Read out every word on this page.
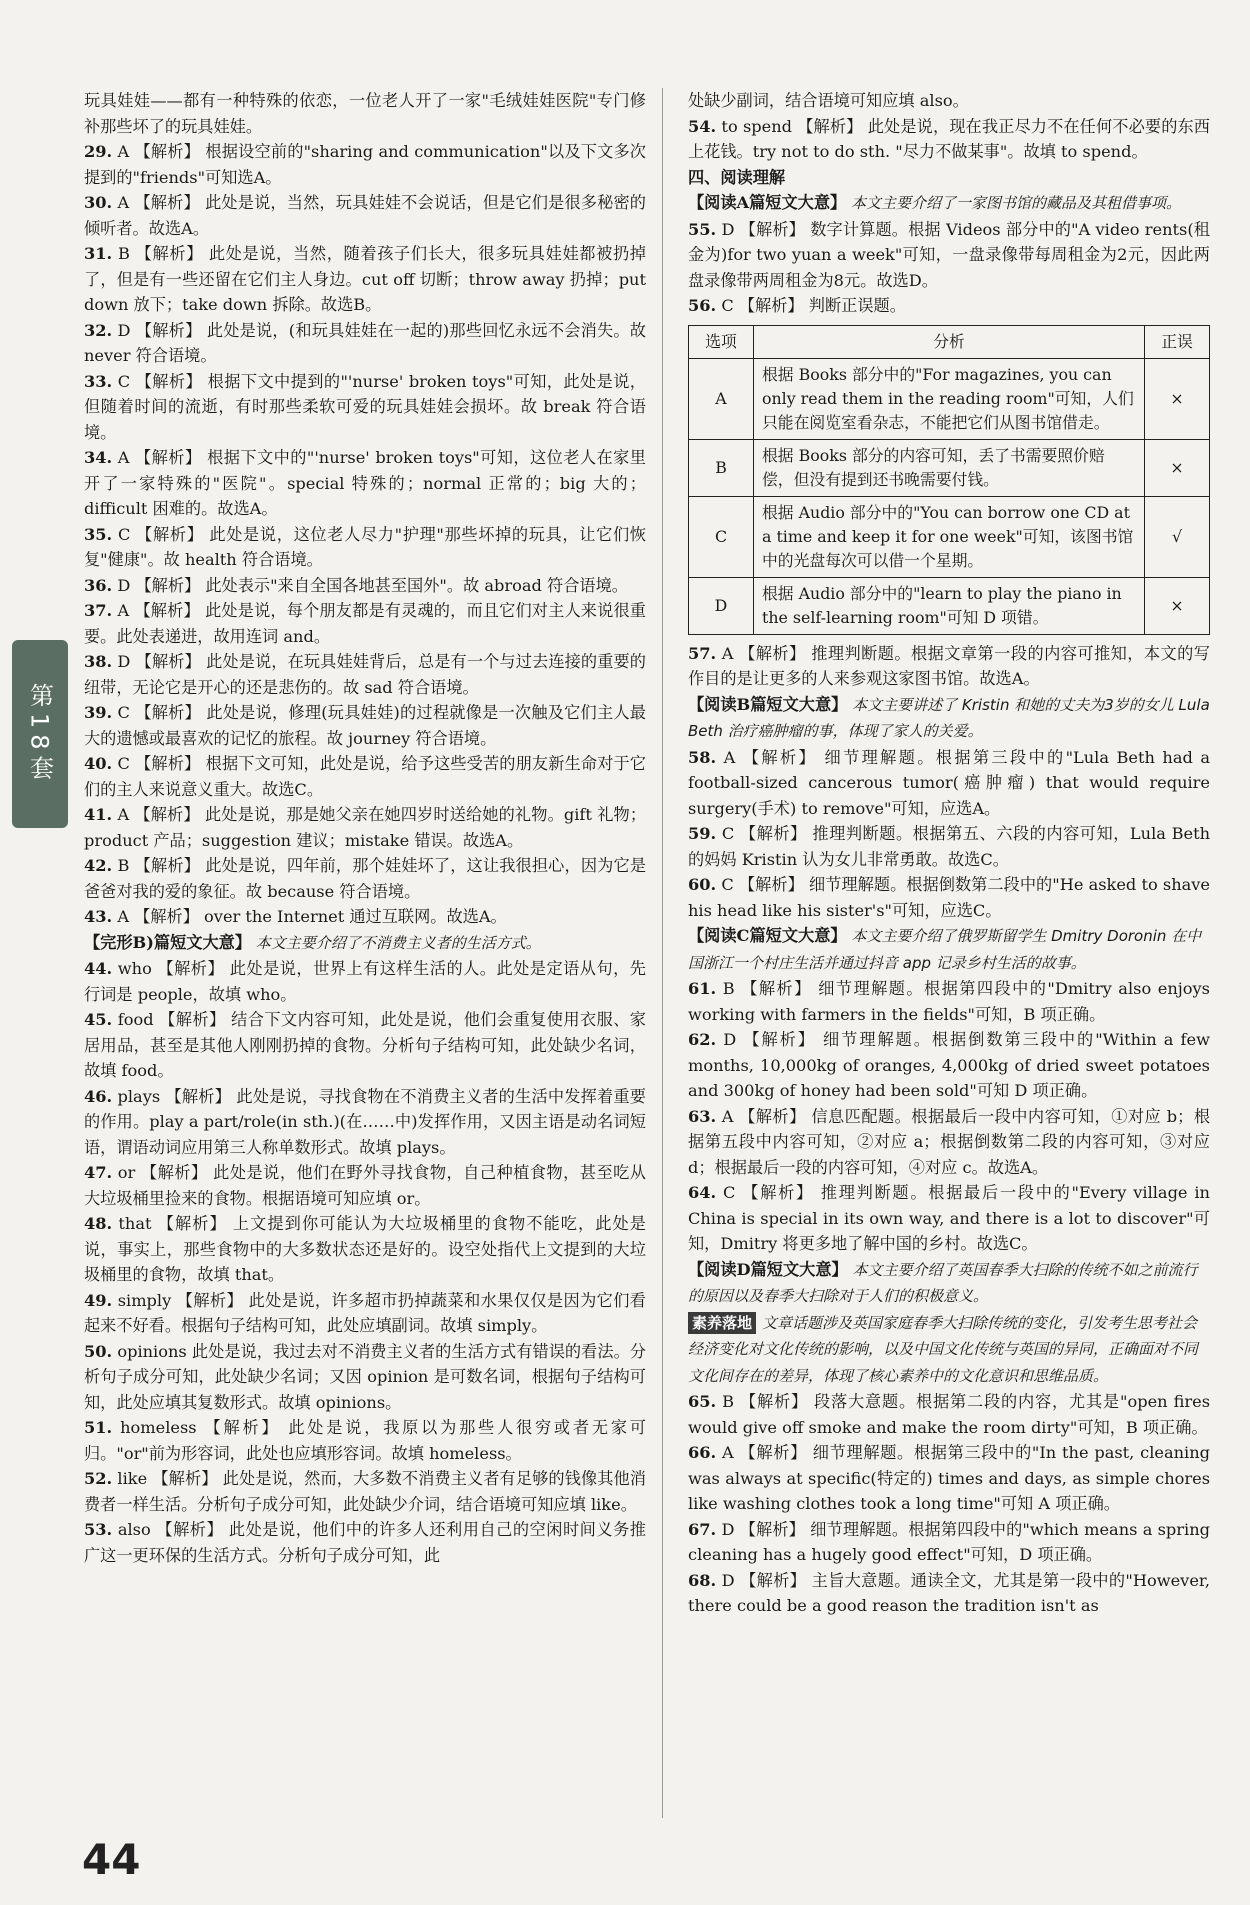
第18套

玩具娃娃——都有一种特殊的依恋，一位老人开了一家"毛绒娃娃医院"专门修补那些坏了的玩具娃娃。

29. A 【解析】 根据设空前的"sharing and communication"以及下文多次提到的"friends"可知选A。

30. A 【解析】 此处是说，当然，玩具娃娃不会说话，但是它们是很多秘密的倾听者。故选A。

31. B 【解析】 此处是说，当然，随着孩子们长大，很多玩具娃娃都被扔掉了，但是有一些还留在它们主人身边。cut off 切断；throw away 扔掉；put down 放下；take down 拆除。故选B。

32. D 【解析】 此处是说，(和玩具娃娃在一起的)那些回忆永远不会消失。故 never 符合语境。

33. C 【解析】 根据下文中提到的"'nurse' broken toys"可知，此处是说，但随着时间的流逝，有时那些柔软可爱的玩具娃娃会损坏。故 break 符合语境。

34. A 【解析】 根据下文中的"'nurse' broken toys"可知，这位老人在家里开了一家特殊的"医院"。special 特殊的；normal 正常的；big 大的；difficult 困难的。故选A。

35. C 【解析】 此处是说，这位老人尽力"护理"那些坏掉的玩具，让它们恢复"健康"。故 health 符合语境。

36. D 【解析】 此处表示"来自全国各地甚至国外"。故 abroad 符合语境。

37. A 【解析】 此处是说，每个朋友都是有灵魂的，而且它们对主人来说很重要。此处表递进，故用连词 and。

38. D 【解析】 此处是说，在玩具娃娃背后，总是有一个与过去连接的重要的纽带，无论它是开心的还是悲伤的。故 sad 符合语境。

39. C 【解析】 此处是说，修理(玩具娃娃)的过程就像是一次触及它们主人最大的遗憾或最喜欢的记忆的旅程。故 journey 符合语境。

40. C 【解析】 根据下文可知，此处是说，给予这些受苦的朋友新生命对于它们的主人来说意义重大。故选C。

41. A 【解析】 此处是说，那是她父亲在她四岁时送给她的礼物。gift 礼物；product 产品；suggestion 建议；mistake 错误。故选A。

42. B 【解析】 此处是说，四年前，那个娃娃坏了，这让我很担心，因为它是爸爸对我的爱的象征。故 because 符合语境。

43. A 【解析】 over the Internet 通过互联网。故选A。

【完形B)篇短文大意】 本文主要介绍了不消费主义者的生活方式。

44. who 【解析】 此处是说，世界上有这样生活的人。此处是定语从句，先行词是 people，故填 who。

45. food 【解析】 结合下文内容可知，此处是说，他们会重复使用衣服、家居用品，甚至是其他人刚刚扔掉的食物。分析句子结构可知，此处缺少名词，故填 food。

46. plays 【解析】 此处是说，寻找食物在不消费主义者的生活中发挥着重要的作用。play a part/role(in sth.)(在……中)发挥作用，又因主语是动名词短语，谓语动词应用第三人称单数形式。故填 plays。

47. or 【解析】 此处是说，他们在野外寻找食物，自己种植食物，甚至吃从大垃圾桶里捡来的食物。根据语境可知应填 or。

48. that 【解析】 上文提到你可能认为大垃圾桶里的食物不能吃，此处是说，事实上，那些食物中的大多数状态还是好的。设空处指代上文提到的大垃圾桶里的食物，故填 that。

49. simply 【解析】 此处是说，许多超市扔掉蔬菜和水果仅仅是因为它们看起来不好看。根据句子结构可知，此处应填副词。故填 simply。

50. opinions 此处是说，我过去对不消费主义者的生活方式有错误的看法。分析句子成分可知，此处缺少名词；又因 opinion 是可数名词，根据句子结构可知，此处应填其复数形式。故填 opinions。

51. homeless 【解析】 此处是说，我原以为那些人很穷或者无家可归。"or"前为形容词，此处也应填形容词。故填 homeless。

52. like 【解析】 此处是说，然而，大多数不消费主义者有足够的钱像其他消费者一样生活。分析句子成分可知，此处缺少介词，结合语境可知应填 like。

53. also 【解析】 此处是说，他们中的许多人还利用自己的空闲时间义务推广这一更环保的生活方式。分析句子成分可知，此

处缺少副词，结合语境可知应填 also。

54. to spend 【解析】 此处是说，现在我正尽力不在任何不必要的东西上花钱。try not to do sth. "尽力不做某事"。故填 to spend。

四、阅读理解

【阅读A篇短文大意】 本文主要介绍了一家图书馆的藏品及其租借事项。

55. D 【解析】 数字计算题。根据 Videos 部分中的"A video rents(租金为)for two yuan a week"可知，一盘录像带每周租金为2元，因此两盘录像带两周租金为8元。故选D。

56. C 【解析】 判断正误题。

选项	分析	正误
A	根据 Books 部分中的"For magazines, you can only read them in the reading room"可知，人们只能在阅览室看杂志，不能把它们从图书馆借走。	×
B	根据 Books 部分的内容可知，丢了书需要照价赔偿，但没有提到还书晚需要付钱。	×
C	根据 Audio 部分中的"You can borrow one CD at a time and keep it for one week"可知，该图书馆中的光盘每次可以借一个星期。	√
D	根据 Audio 部分中的"learn to play the piano in the self-learning room"可知 D 项错。	×

57. A 【解析】 推理判断题。根据文章第一段的内容可推知，本文的写作目的是让更多的人来参观这家图书馆。故选A。

【阅读B篇短文大意】 本文主要讲述了 Kristin 和她的丈夫为3岁的女儿 Lula Beth 治疗癌肿瘤的事，体现了家人的关爱。

58. A 【解析】 细节理解题。根据第三段中的"Lula Beth had a football-sized cancerous tumor(癌肿瘤) that would require surgery(手术) to remove"可知，应选A。

59. C 【解析】 推理判断题。根据第五、六段的内容可知，Lula Beth 的妈妈 Kristin 认为女儿非常勇敢。故选C。

60. C 【解析】 细节理解题。根据倒数第二段中的"He asked to shave his head like his sister's"可知，应选C。

【阅读C篇短文大意】 本文主要介绍了俄罗斯留学生 Dmitry Doronin 在中国浙江一个村庄生活并通过抖音 app 记录乡村生活的故事。

61. B 【解析】 细节理解题。根据第四段中的"Dmitry also enjoys working with farmers in the fields"可知，B 项正确。

62. D 【解析】 细节理解题。根据倒数第三段中的"Within a few months, 10,000kg of oranges, 4,000kg of dried sweet potatoes and 300kg of honey had been sold"可知 D 项正确。

63. A 【解析】 信息匹配题。根据最后一段中内容可知，①对应 b；根据第五段中内容可知，②对应 a；根据倒数第二段的内容可知，③对应 d；根据最后一段的内容可知，④对应 c。故选A。

64. C 【解析】 推理判断题。根据最后一段中的"Every village in China is special in its own way, and there is a lot to discover"可知，Dmitry 将更多地了解中国的乡村。故选C。

【阅读D篇短文大意】 本文主要介绍了英国春季大扫除的传统不如之前流行的原因以及春季大扫除对于人们的积极意义。

素养落地 文章话题涉及英国家庭春季大扫除传统的变化，引发考生思考社会经济变化对文化传统的影响，以及中国文化传统与英国的异同，正确面对不同文化间存在的差异，体现了核心素养中的文化意识和思维品质。

65. B 【解析】 段落大意题。根据第二段的内容，尤其是"open fires would give off smoke and make the room dirty"可知，B 项正确。

66. A 【解析】 细节理解题。根据第三段中的"In the past, cleaning was always at specific(特定的) times and days, as simple chores like washing clothes took a long time"可知 A 项正确。

67. D 【解析】 细节理解题。根据第四段中的"which means a spring cleaning has a hugely good effect"可知，D 项正确。

68. D 【解析】 主旨大意题。通读全文，尤其是第一段中的"However, there could be a good reason the tradition isn't as

44
